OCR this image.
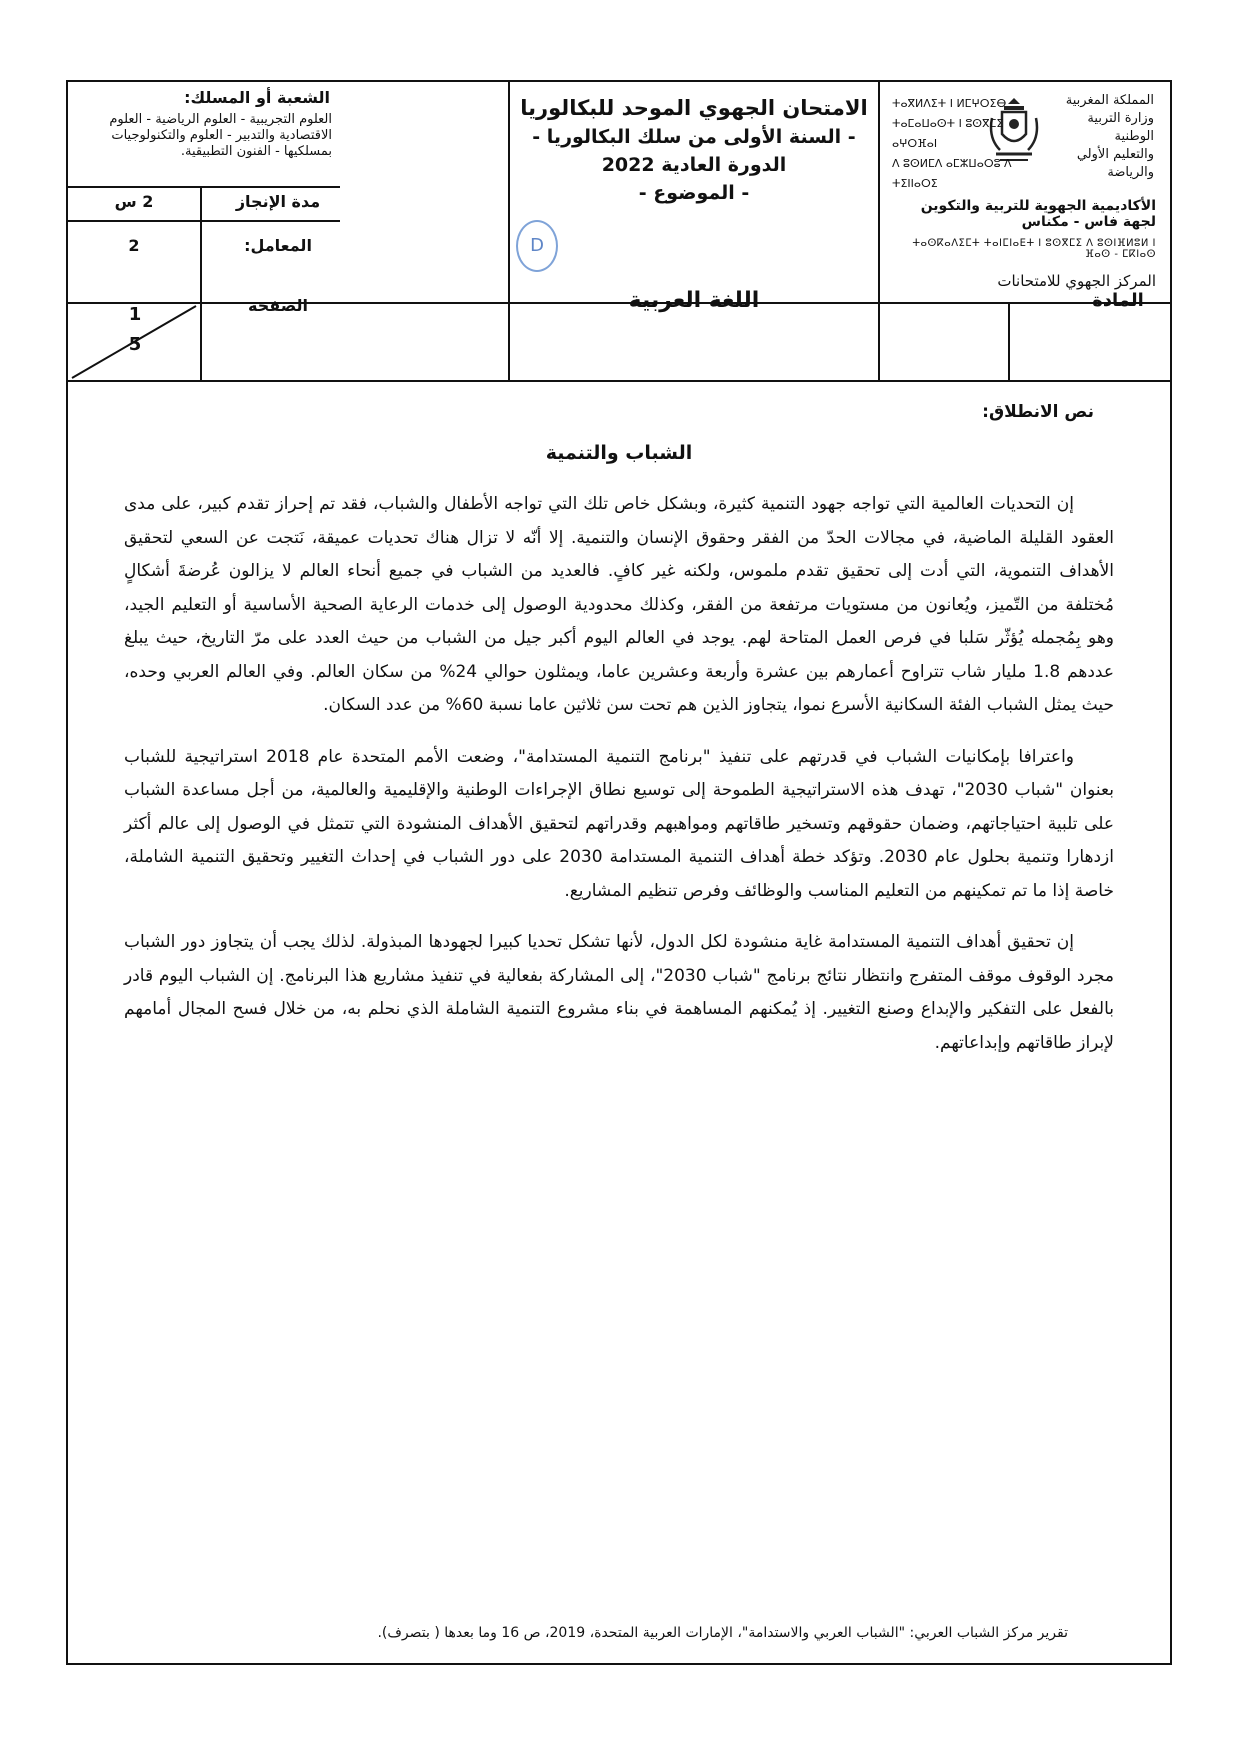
المملكة المغربية
وزارة التربية الوطنية
والتعليم الأولي والرياضة
ⵜⴰⴳⵍⴷⵉⵜ ⵏ ⵍⵎⵖⵔⵉⴱ
ⵜⴰⵎⴰⵡⴰⵙⵜ ⵏ ⵓⵙⴳⵎⵉ ⴰⵖⵔⴼⴰⵏ
ⴷ ⵓⵙⵍⵎⴷ ⴰⵎⵣⵡⴰⵔⵓ ⴷ ⵜⵉⵏⵏⴰⵔⵉ
الأكاديمية الجهوية للتربية والتكوين لجهة فاس - مكناس
ⵜⴰⵙⴽⴰⴷⵉⵎⵜ ⵜⴰⵏⵎⵏⴰⴹⵜ ⵏ ⵓⵙⴳⵎⵉ ⴷ ⵓⵙⵏⴼⵍⵓⵍ ⵏ ⴼⴰⵙ - ⵎⴽⵏⴰⵙ
المركز الجهوي للامتحانات
الامتحان الجهوي الموحد للبكالوريا
- السنة الأولى من سلك البكالوريا -
الدورة العادية 2022
- الموضوع -
D
الشعبة أو المسلك:
العلوم التجريبية - العلوم الرياضية - العلوم الاقتصادية والتدبير - العلوم والتكنولوجيات بمسلكيها - الفنون التطبيقية.
مدة الإنجاز
2 س
المعامل:
2
الصفحة
1
5
المادة
اللغة العربية
نص الانطلاق:
الشباب والتنمية

إن التحديات العالمية التي تواجه جهود التنمية كثيرة، وبشكل خاص تلك التي تواجه الأطفال والشباب، فقد تم إحراز تقدم كبير، على مدى العقود القليلة الماضية، في مجالات الحدّ من الفقر وحقوق الإنسان والتنمية. إلا أنّه لا تزال هناك تحديات عميقة، نَتجت عن السعي لتحقيق الأهداف التنموية، التي أدت إلى تحقيق تقدم ملموس، ولكنه غير كافٍ. فالعديد من الشباب في جميع أنحاء العالم لا يزالون عُرضةَ أشكالٍ مُختلفة من التّميز، ويُعانون من مستويات مرتفعة من الفقر، وكذلك محدودية الوصول إلى خدمات الرعاية الصحية الأساسية أو التعليم الجيد، وهو بِمُجمله يُؤثّر سَلبا في فرص العمل المتاحة لهم. يوجد في العالم اليوم أكبر جيل من الشباب من حيث العدد على مرّ التاريخ، حيث يبلغ عددهم 1.8 مليار شاب تتراوح أعمارهم بين عشرة وأربعة وعشرين عاما، ويمثلون حوالي 24% من سكان العالم. وفي العالم العربي وحده، حيث يمثل الشباب الفئة السكانية الأسرع نموا، يتجاوز الذين هم تحت سن ثلاثين عاما نسبة 60% من عدد السكان.

واعترافا بإمكانيات الشباب في قدرتهم على تنفيذ "برنامج التنمية المستدامة"، وضعت الأمم المتحدة عام 2018 استراتيجية للشباب بعنوان "شباب 2030"، تهدف هذه الاستراتيجية الطموحة إلى توسيع نطاق الإجراءات الوطنية والإقليمية والعالمية، من أجل مساعدة الشباب على تلبية احتياجاتهم، وضمان حقوقهم وتسخير طاقاتهم ومواهبهم وقدراتهم لتحقيق الأهداف المنشودة التي تتمثل في الوصول إلى عالم أكثر ازدهارا وتنمية بحلول عام 2030. وتؤكد خطة أهداف التنمية المستدامة 2030 على دور الشباب في إحداث التغيير وتحقيق التنمية الشاملة، خاصة إذا ما تم تمكينهم من التعليم المناسب والوظائف وفرص تنظيم المشاريع.

إن تحقيق أهداف التنمية المستدامة غاية منشودة لكل الدول، لأنها تشكل تحديا كبيرا لجهودها المبذولة. لذلك يجب أن يتجاوز دور الشباب مجرد الوقوف موقف المتفرج وانتظار نتائج برنامج "شباب 2030"، إلى المشاركة بفعالية في تنفيذ مشاريع هذا البرنامج. إن الشباب اليوم قادر بالفعل على التفكير والإبداع وصنع التغيير. إذ يُمكنهم المساهمة في بناء مشروع التنمية الشاملة الذي نحلم به، من خلال فسح المجال أمامهم لإبراز طاقاتهم وإبداعاتهم.

تقرير مركز الشباب العربي: "الشباب العربي والاستدامة"، الإمارات العربية المتحدة، 2019، ص 16 وما بعدها ( بتصرف).
